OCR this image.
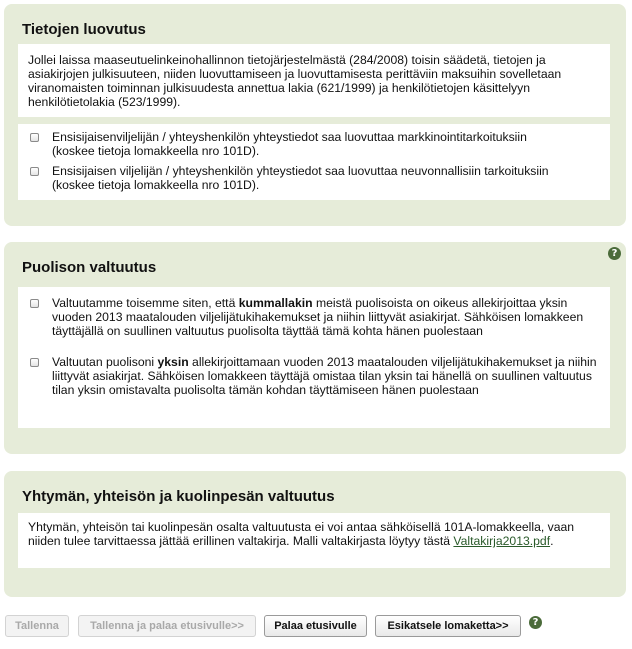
Tietojen luovutus

Jollei laissa maaseutuelinkeinohallinnon tietojärjestelmästä (284/2008) toisin säädetä, tietojen ja asiakirjojen julkisuuteen, niiden luovuttamiseen ja luovuttamisesta perittäviin maksuihin sovelletaan viranomaisten toiminnan julkisuudesta annettua lakia (621/1999) ja henkilötietojen käsittelyyn henkilötietolakia (523/1999).

Ensisijaisenviljelijän / yhteyshenkilön yhteystiedot saa luovuttaa markkinointitarkoituksiin
(koskee tietoja lomakkeella nro 101D).
Ensisijaisen viljelijän / yhteyshenkilön yhteystiedot saa luovuttaa neuvonnallisiin tarkoituksiin
(koskee tietoja lomakkeella nro 101D).
Puolison valtuutus
?
Valtuutamme toisemme siten, että kummallakin meistä puolisoista on oikeus allekirjoittaa yksin vuoden 2013 maatalouden viljelijätukihakemukset ja niihin liittyvät asiakirjat. Sähköisen lomakkeen täyttäjällä on suullinen valtuutus puolisolta täyttää tämä kohta hänen puolestaan
Valtuutan puolisoni yksin allekirjoittamaan vuoden 2013 maatalouden viljelijätukihakemukset ja niihin liittyvät asiakirjat. Sähköisen lomakkeen täyttäjä omistaa tilan yksin tai hänellä on suullinen valtuutus tilan yksin omistavalta puolisolta tämän kohdan täyttämiseen hänen puolestaan
Yhtymän, yhteisön ja kuolinpesän valtuutus

Yhtymän, yhteisön tai kuolinpesän osalta valtuutusta ei voi antaa sähköisellä 101A-lomakkeella, vaan niiden tulee tarvittaessa jättää erillinen valtakirja. Malli valtakirjasta löytyy tästä Valtakirja2013.pdf.

Tallenna	Tallenna ja palaa etusivulle>>	Palaa etusivulle	Esikatsele lomaketta>>	?
